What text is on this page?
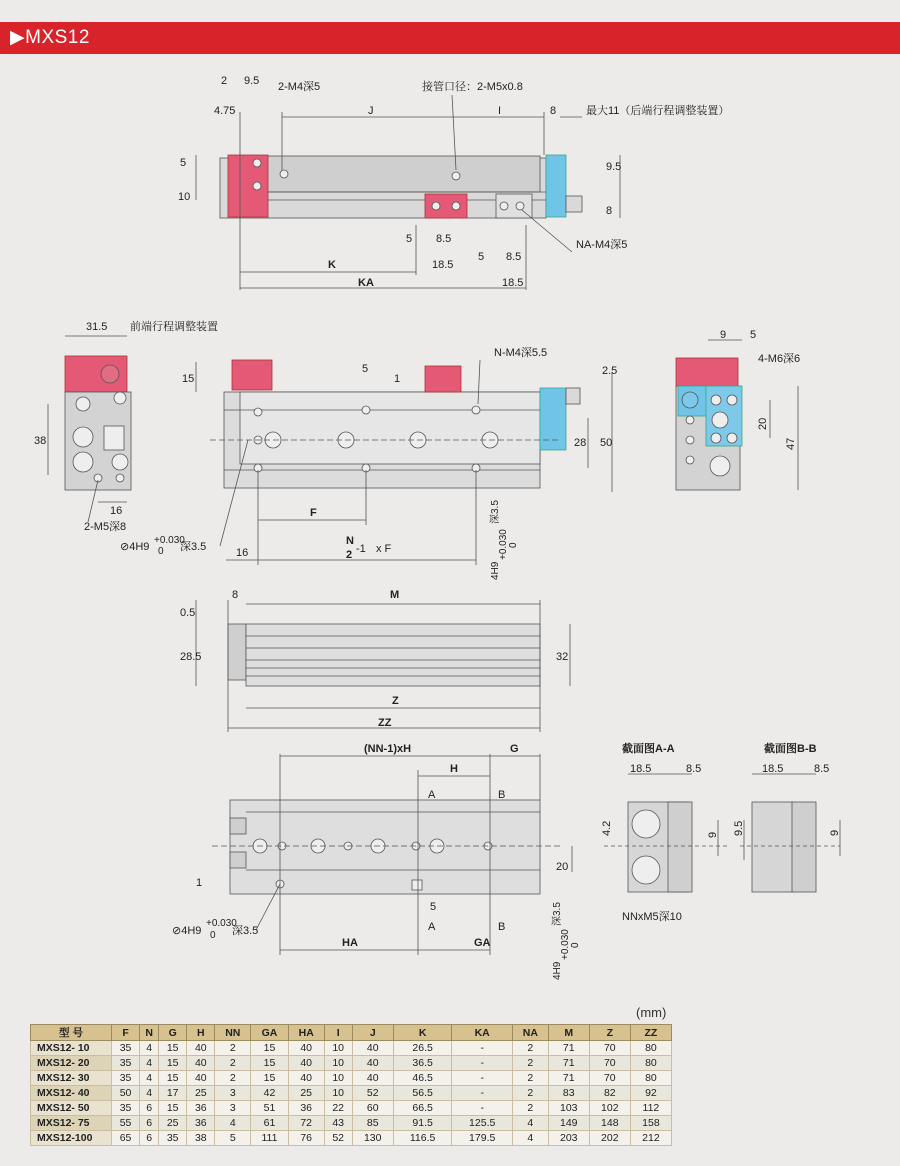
▶MXS12
2 9.5 2-M4深5
4.75
接管口径：2-M5x0.8
J	I	8	最大11（后端行程调整装置）
5
10
9.5
8
5 8.5
5 8.5
NA-M4深5
K	18.5
KA	18.5
31.5 前端行程调整装置
15
38
16
2-M5深8
5
1
N-M4深5.5
2.5
28 50
F
16
4H9
+0.030 0
深3.5
⊘4H9
+0.030
0 深3.5	N
2 -1 x F
9 5
4-M6深6
20
47
8	M
0.5
28.5	32
Z
ZZ
(NN-1)xH	G
H
A	B
20
1
5
A	B
HA	GA
⊘4H9
+0.030
0 深3.5
4H9
+0.030 0
深3.5
截面图A-A
18.5	8.5
4.2	9 9.5
NNxM5深10
截面图B-B
18.5	8.5
9
(mm)
型 号	F	N	G	H	NN	GA	HA	I	J	K	KA	NA	M	Z	ZZ
MXS12- 10	35	4	15	40	2	15	40	10	40	26.5	-	2	71	70	80
MXS12- 20	35	4	15	40	2	15	40	10	40	36.5	-	2	71	70	80
MXS12- 30	35	4	15	40	2	15	40	10	40	46.5	-	2	71	70	80
MXS12- 40	50	4	17	25	3	42	25	10	52	56.5	-	2	83	82	92
MXS12- 50	35	6	15	36	3	51	36	22	60	66.5	-	2	103	102	112
MXS12- 75	55	6	25	36	4	61	72	43	85	91.5	125.5	4	149	148	158
MXS12-100	65	6	35	38	5	111	76	52	130	116.5	179.5	4	203	202	212
